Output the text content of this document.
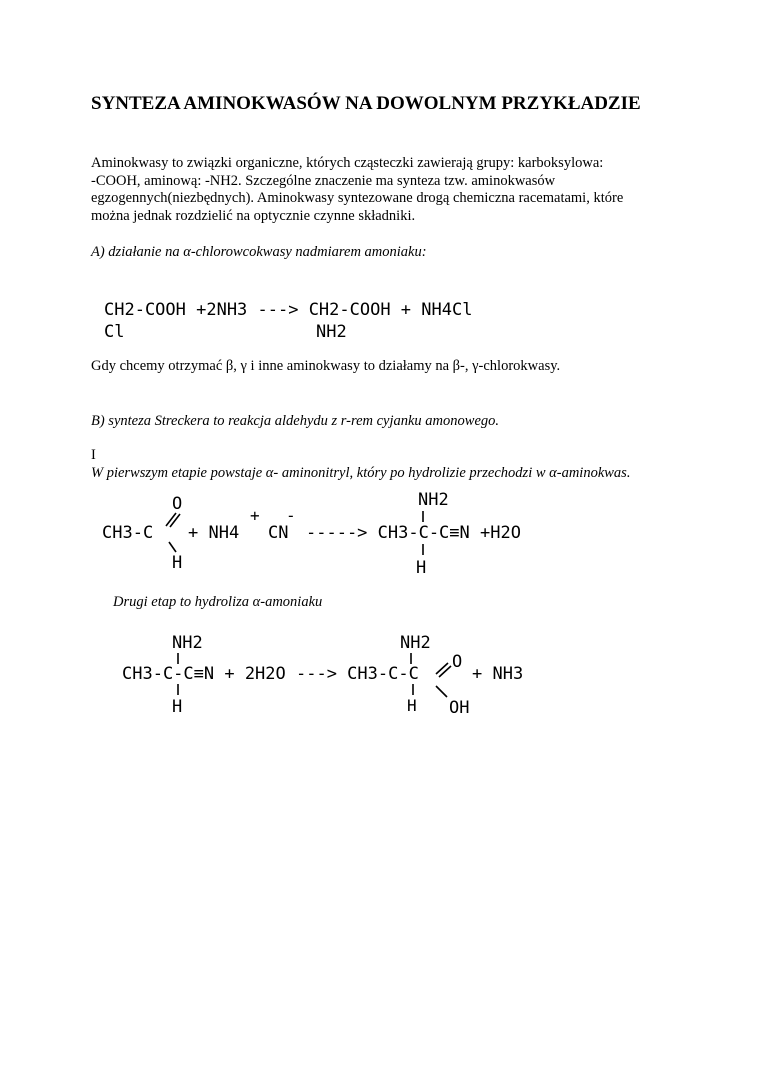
SYNTEZA AMINOKWASÓW NA DOWOLNYM PRZYKŁADZIE

Aminokwasy to związki organiczne, których cząsteczki zawierają grupy: karboksylowa:
-COOH, aminową: -NH2. Szczególne znaczenie ma synteza tzw. aminokwasów
egzogennych(niezbędnych). Aminokwasy syntezowane drogą chemiczna racematami, które
można jednak rozdzielić na optycznie czynne składniki.

A) działanie na α-chlorowcokwasy nadmiarem amoniaku:
CH2-COOH +2NH3 ---> CH2-COOH + NH4Cl
Cl	NH2
Gdy chcemy otrzymać β, γ i inne aminokwasy to działamy na β-, γ-chlorokwasy.
B) synteza Streckera to reakcja aldehydu z r-rem cyjanku amonowego.
I
W pierwszym etapie powstaje α- aminonitryl, który po hydrolizie przechodzi w α-aminokwas.
O
CH3-C
H
+ NH4
+
CN
-
NH2
-----> CH3-C-C≡N +H2O
H
Drugi etap to hydroliza α-amoniaku
NH2	NH2
O
CH3-C-C≡N + 2H2O ---> CH3-C-C	+ NH3
H	H OH
